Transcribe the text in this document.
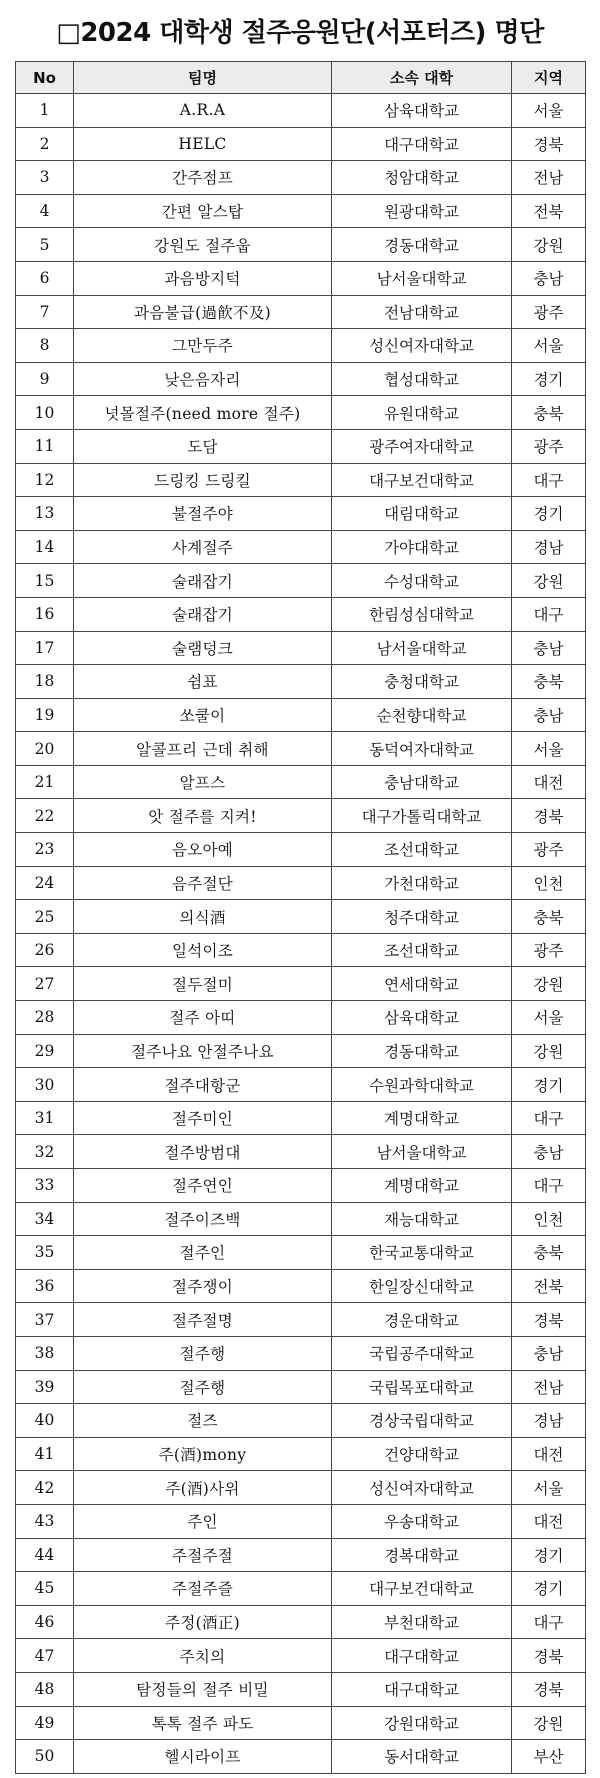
□2024 대학생 절주응원단(서포터즈) 명단
No	팀명	소속 대학	지역
1	A.R.A	삼육대학교	서울
2	HELC	대구대학교	경북
3	간주점프	청암대학교	전남
4	간편 알스탑	원광대학교	전북
5	강원도 절주웁	경동대학교	강원
6	과음방지턱	남서울대학교	충남
7	과음불급(過飮不及)	전남대학교	광주
8	그만두주	성신여자대학교	서울
9	낮은음자리	협성대학교	경기
10	넛몰절주(need more 절주)	유원대학교	충북
11	도담	광주여자대학교	광주
12	드링킹 드링킬	대구보건대학교	대구
13	불절주야	대림대학교	경기
14	사계절주	가야대학교	경남
15	술래잡기	수성대학교	강원
16	술래잡기	한림성심대학교	대구
17	술램덩크	남서울대학교	충남
18	쉼표	충청대학교	충북
19	쏘쿨이	순천향대학교	충남
20	알콜프리 근데 취해	동덕여자대학교	서울
21	알프스	충남대학교	대전
22	앗 절주를 지켜!	대구가톨릭대학교	경북
23	음오아예	조선대학교	광주
24	음주절단	가천대학교	인천
25	의식酒	청주대학교	충북
26	일석이조	조선대학교	광주
27	절두절미	연세대학교	강원
28	절주 아띠	삼육대학교	서울
29	절주나요 안절주나요	경동대학교	강원
30	절주대항군	수원과학대학교	경기
31	절주미인	계명대학교	대구
32	절주방범대	남서울대학교	충남
33	절주연인	계명대학교	대구
34	절주이즈백	재능대학교	인천
35	절주인	한국교통대학교	충북
36	절주쟁이	한일장신대학교	전북
37	절주절명	경운대학교	경북
38	절주행	국립공주대학교	충남
39	절주행	국립목포대학교	전남
40	절즈	경상국립대학교	경남
41	주(酒)mony	건양대학교	대전
42	주(酒)사위	성신여자대학교	서울
43	주인	우송대학교	대전
44	주절주절	경복대학교	경기
45	주절주즐	대구보건대학교	경기
46	주정(酒正)	부천대학교	대구
47	주치의	대구대학교	경북
48	탐정들의 절주 비밀	대구대학교	경북
49	톡톡 절주 파도	강원대학교	강원
50	헬시라이프	동서대학교	부산
